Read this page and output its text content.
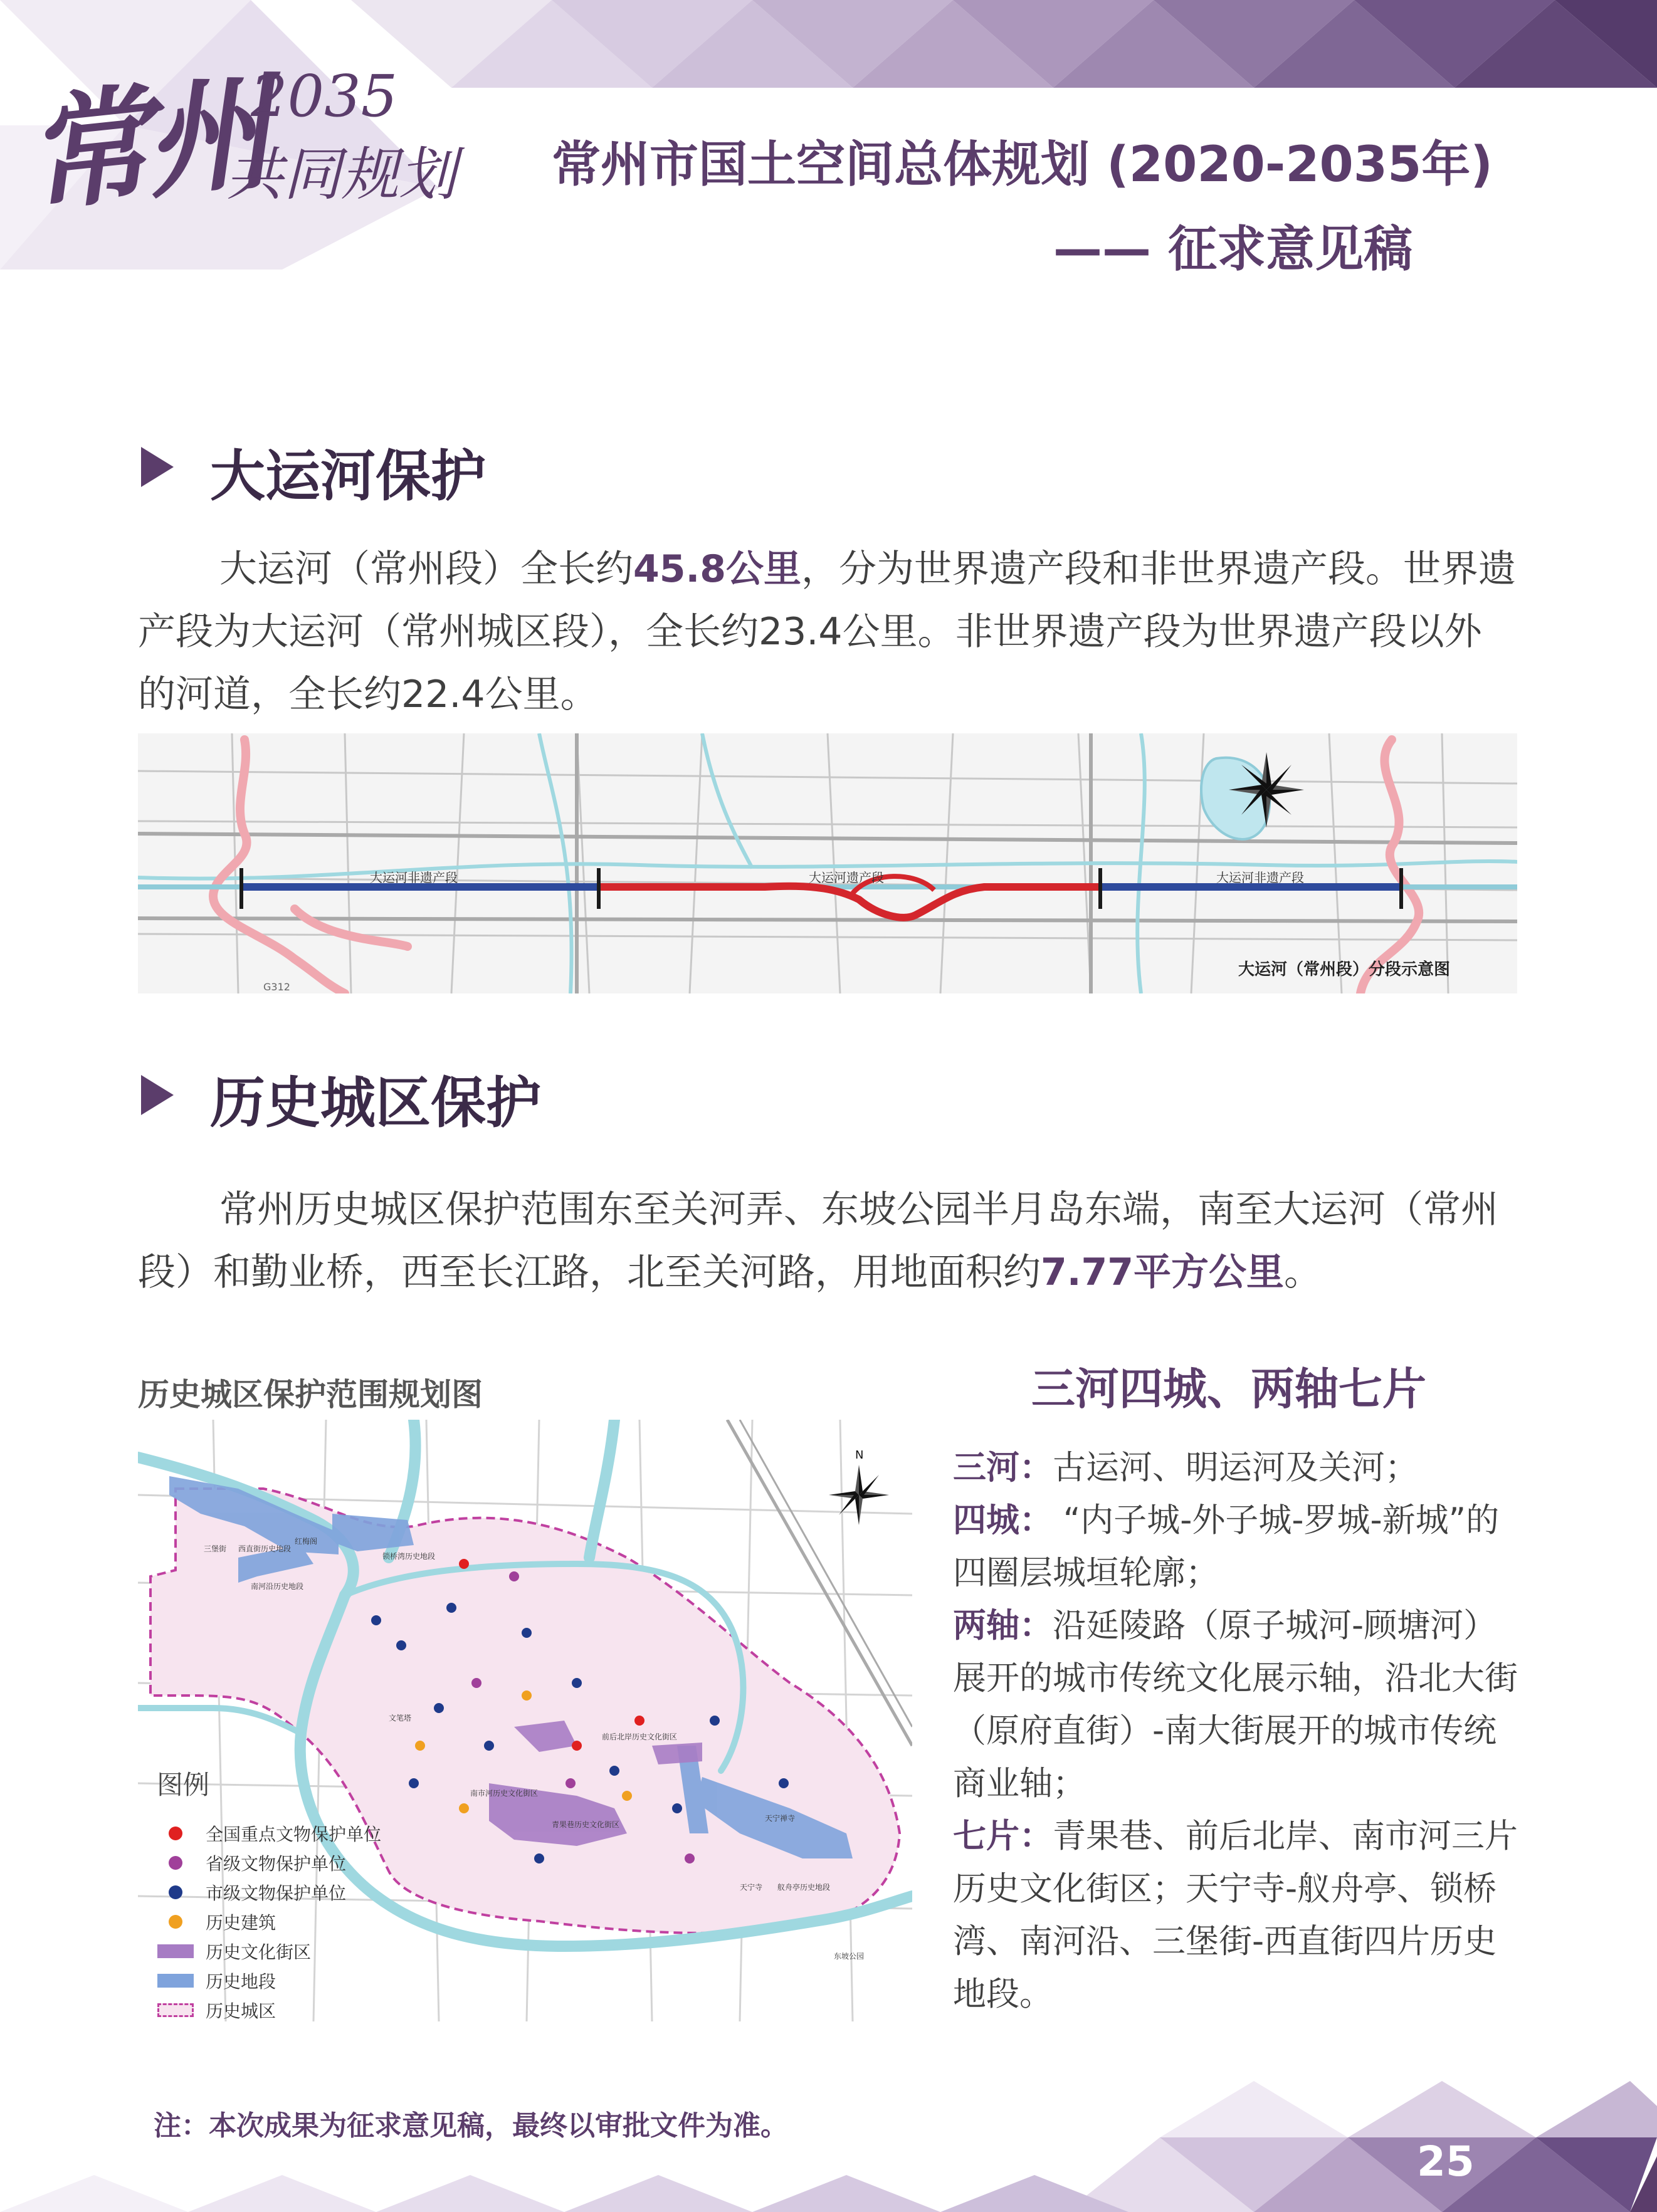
常州
2035
共同规划 常州市国土空间总体规划 (2020-2035年)
—— 征求意见稿
大运河保护
大运河（常州段）全长约45.8公里，分为世界遗产段和非世界遗产段。世界遗产段为大运河（常州城区段），全长约23.4公里。非世界遗产段为世界遗产段以外的河道，全长约22.4公里。
大运河非遗产段	大运河遗产段	大运河非遗产段
G312
大运河（常州段）分段示意图
历史城区保护
常州历史城区保护范围东至关河弄、东坡公园半月岛东端，南至大运河（常州段）和勤业桥，西至长江路，北至关河路，用地面积约7.77平方公里。
历史城区保护范围规划图
三堡街 西直街历史地段
锁桥湾历史地段
红梅阁
南河沿历史地段
前后北岸历史文化街区
南市河历史文化街区
青果巷历史文化街区
天宁寺 舣舟亭历史地段
文笔塔
天宁禅寺
东坡公园
N
图例
全国重点文物保护单位
省级文物保护单位
市级文物保护单位
历史建筑
历史文化街区
历史地段
历史城区
三河四城、两轴七片
三河：古运河、明运河及关河；
四城： “内子城-外子城-罗城-新城”的四圈层城垣轮廓；
两轴：沿延陵路（原子城河-顾塘河）展开的城市传统文化展示轴，沿北大街（原府直街）-南大街展开的城市传统商业轴；
七片：青果巷、前后北岸、南市河三片历史文化街区；天宁寺-舣舟亭、锁桥湾、南河沿、三堡街-西直街四片历史地段。
注：本次成果为征求意见稿，最终以审批文件为准。
25
